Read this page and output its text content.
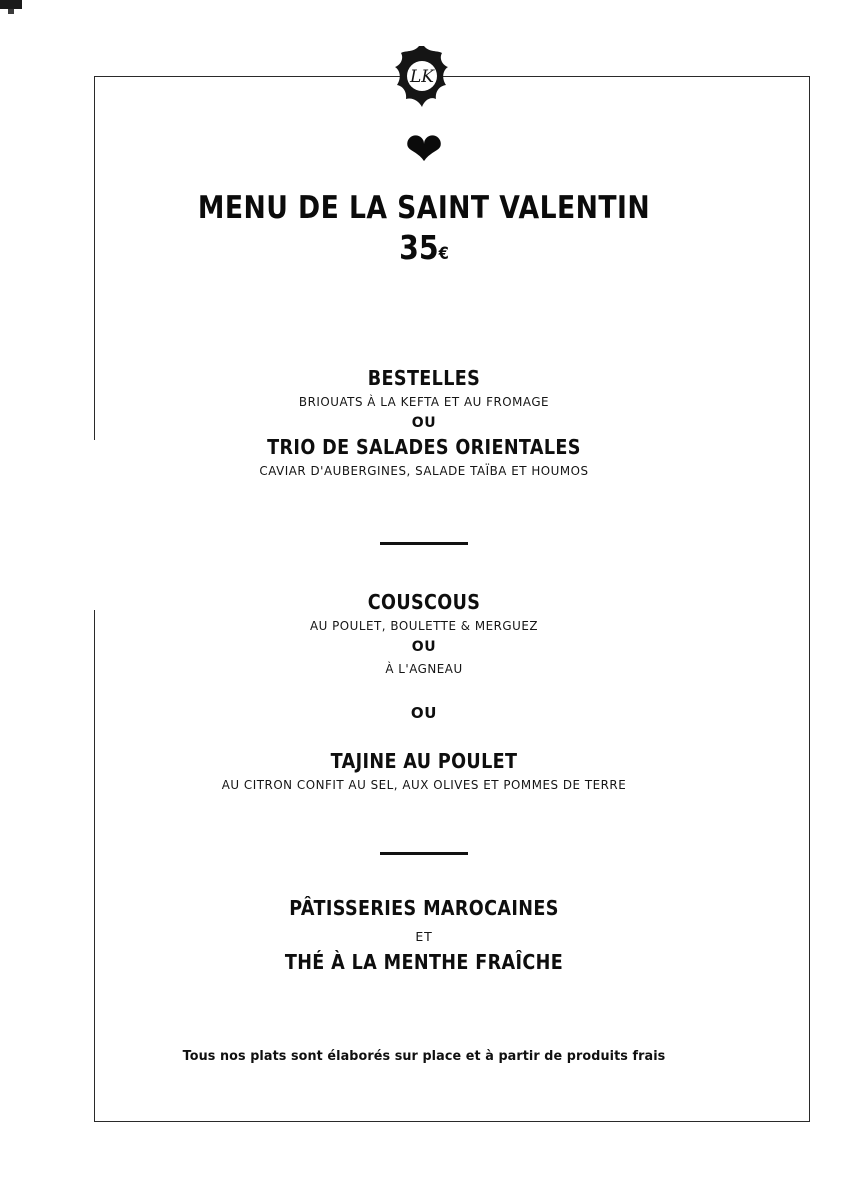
LK
❤
MENU DE LA SAINT VALENTIN
35€
BESTELLES
BRIOUATS À LA KEFTA ET AU FROMAGE
OU
TRIO DE SALADES ORIENTALES
CAVIAR D'AUBERGINES, SALADE TAÏBA ET HOUMOS
COUSCOUS
AU POULET, BOULETTE & MERGUEZ
OU
À L'AGNEAU
OU
TAJINE AU POULET
AU CITRON CONFIT AU SEL, AUX OLIVES ET POMMES DE TERRE
PÂTISSERIES MAROCAINES
ET
THÉ À LA MENTHE FRAÎCHE
Tous nos plats sont élaborés sur place et à partir de produits frais
